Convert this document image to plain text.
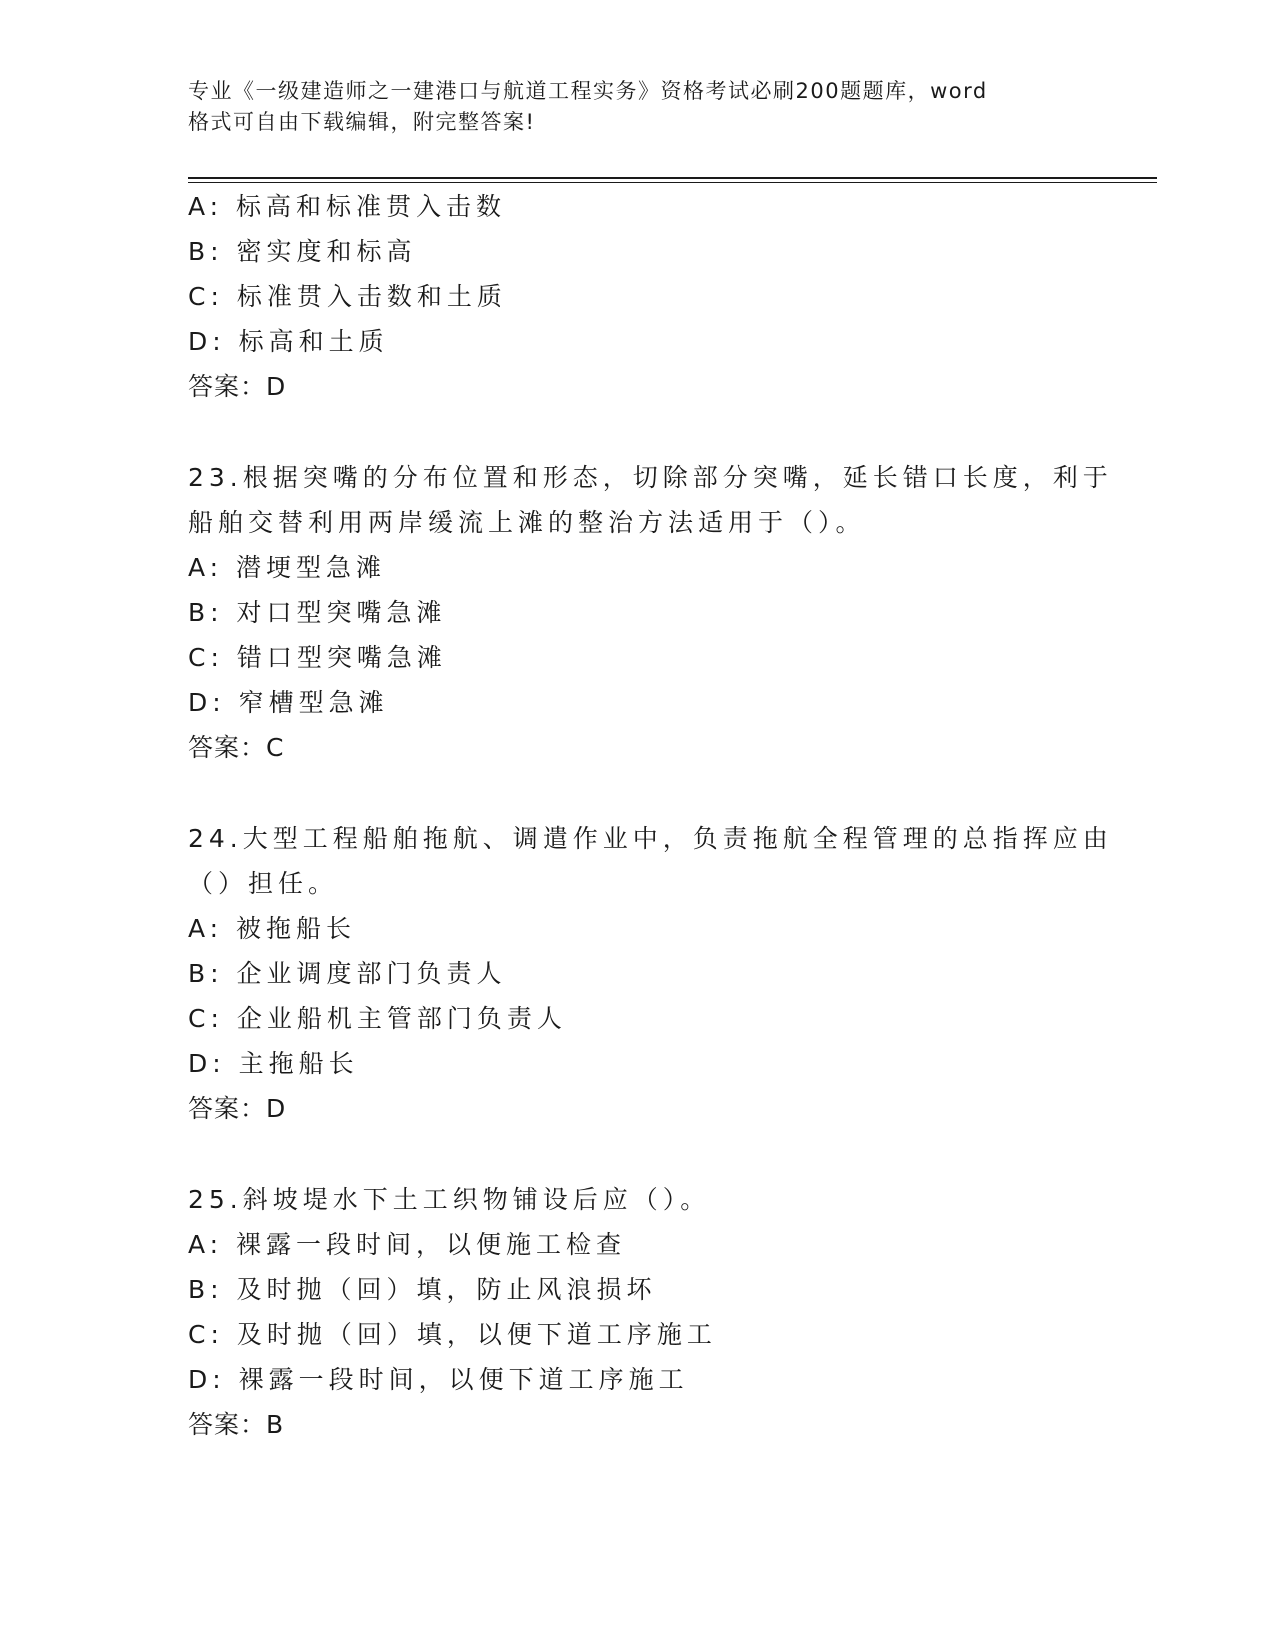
专业《一级建造师之一建港口与航道工程实务》资格考试必刷200题题库，word
格式可自由下载编辑，附完整答案!
A: 标高和标准贯入击数
B: 密实度和标高
C: 标准贯入击数和土质
D: 标高和土质
答案：D
23.根据突嘴的分布位置和形态，切除部分突嘴，延长错口长度，利于
船舶交替利用两岸缓流上滩的整治方法适用于（）。
A: 潜埂型急滩
B: 对口型突嘴急滩
C: 错口型突嘴急滩
D: 窄槽型急滩
答案：C
24.大型工程船舶拖航、调遣作业中，负责拖航全程管理的总指挥应由
（）担任。
A: 被拖船长
B: 企业调度部门负责人
C: 企业船机主管部门负责人
D: 主拖船长
答案：D
25.斜坡堤水下土工织物铺设后应（）。
A: 裸露一段时间，以便施工检查
B: 及时抛（回）填，防止风浪损坏
C: 及时抛（回）填，以便下道工序施工
D: 裸露一段时间，以便下道工序施工
答案：B
